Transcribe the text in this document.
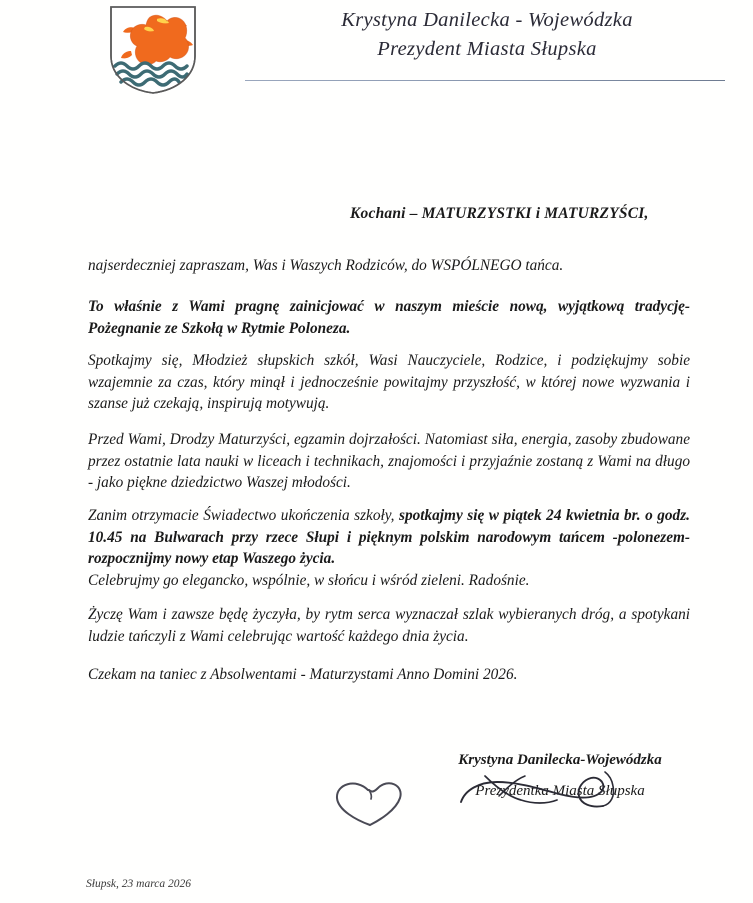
Krystyna Danilecka - Wojewódzka
Prezydent Miasta Słupska
Kochani – MATURZYSTKI i MATURZYŚCI,
najserdeczniej zapraszam, Was i Waszych Rodziców, do WSPÓLNEGO tańca.
To właśnie z Wami pragnę zainicjować w naszym mieście nową, wyjątkową tradycję- Pożegnanie ze Szkołą w Rytmie Poloneza.
Spotkajmy się, Młodzież słupskich szkół, Wasi Nauczyciele, Rodzice, i podziękujmy sobie wzajemnie za czas, który minął i jednocześnie powitajmy przyszłość, w której nowe wyzwania i szanse już czekają, inspirują motywują.
Przed Wami, Drodzy Maturzyści, egzamin dojrzałości. Natomiast siła, energia, zasoby zbudowane przez ostatnie lata nauki w liceach i technikach, znajomości i przyjaźnie zostaną z Wami na długo - jako piękne dziedzictwo Waszej młodości.
Zanim otrzymacie Świadectwo ukończenia szkoły, spotkajmy się w piątek 24 kwietnia br. o godz. 10.45 na Bulwarach przy rzece Słupi i pięknym polskim narodowym tańcem -polonezem- rozpocznijmy nowy etap Waszego życia.
Celebrujmy go elegancko, wspólnie, w słońcu i wśród zieleni. Radośnie.
Życzę Wam i zawsze będę życzyła, by rytm serca wyznaczał szlak wybieranych dróg, a spotykani ludzie tańczyli z Wami celebrując wartość każdego dnia życia.
Czekam na taniec z Absolwentami - Maturzystami Anno Domini 2026.
Krystyna Danilecka-Wojewódzka
Prezydentka Miasta Słupska
Słupsk, 23 marca 2026
